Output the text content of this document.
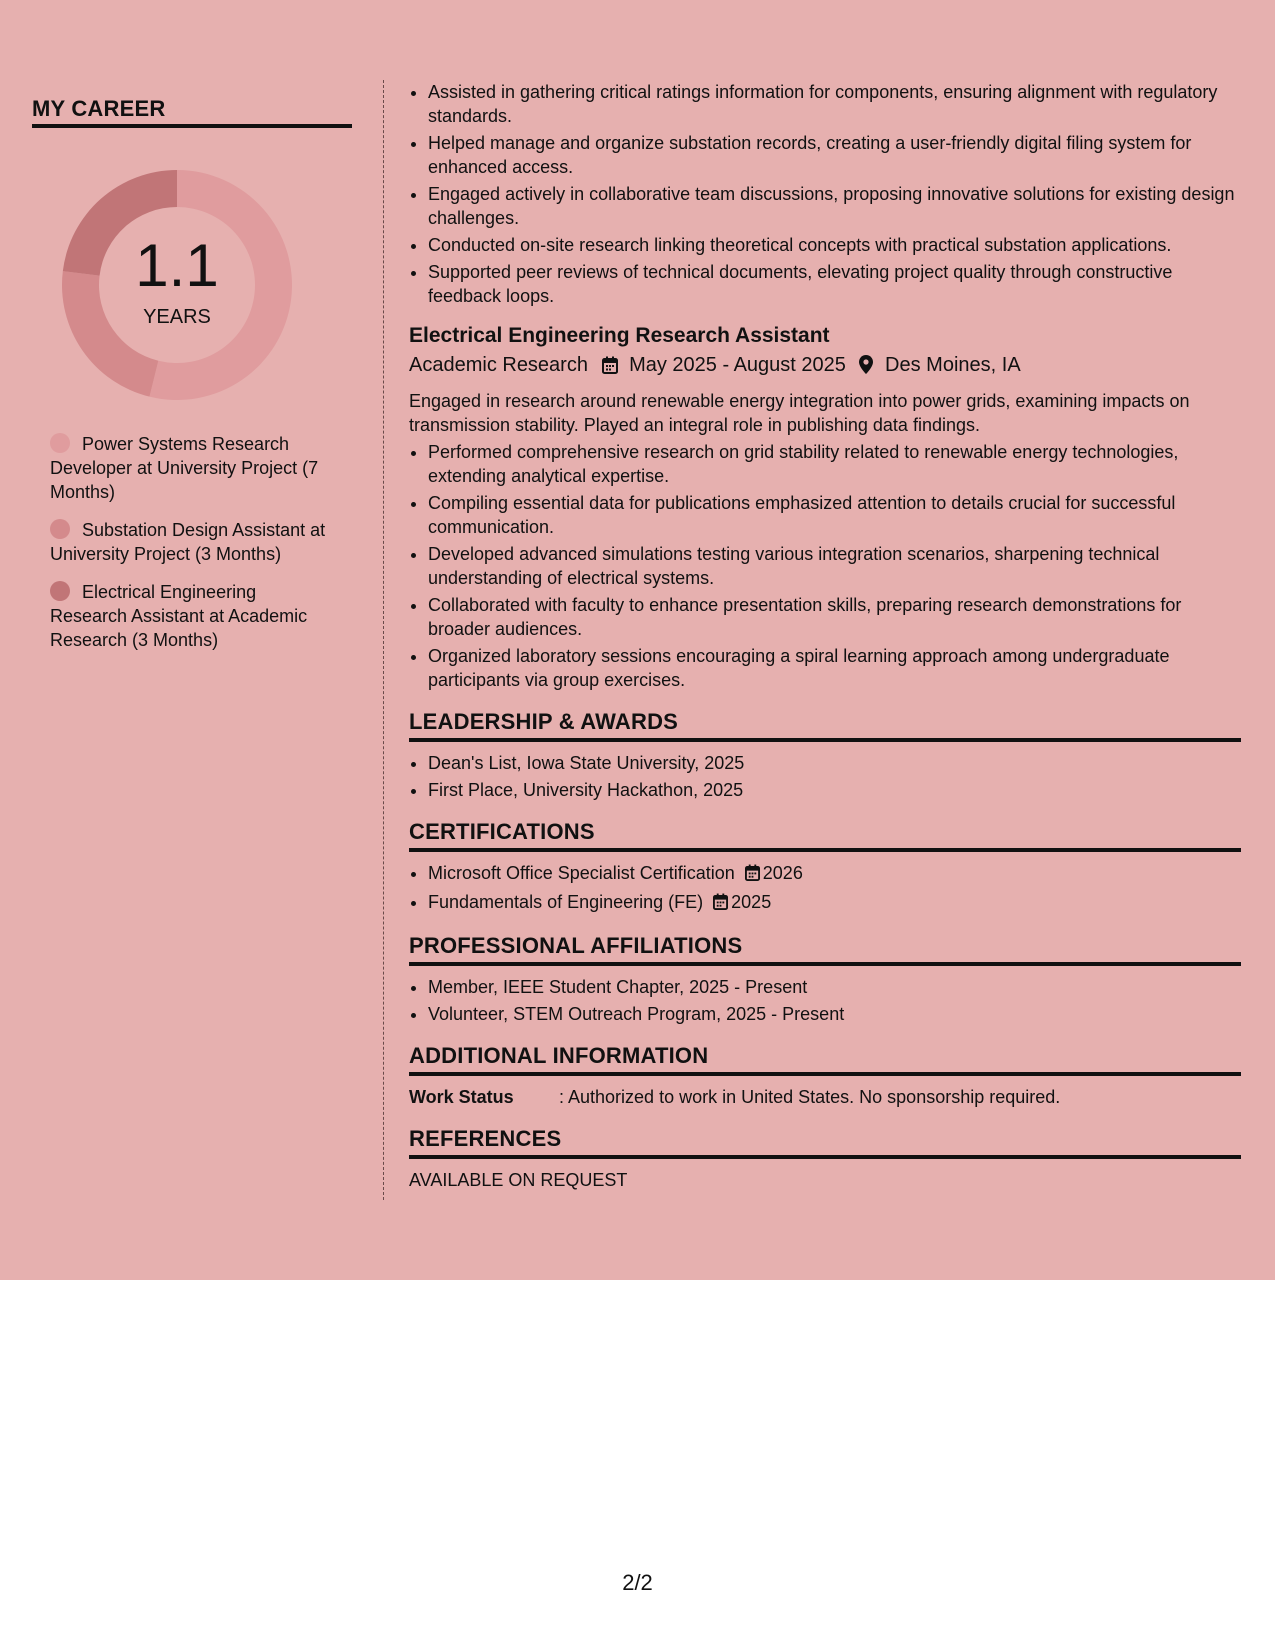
MY CAREER
1.1
YEARS
Power Systems Research Developer at University Project (7 Months)
Substation Design Assistant at University Project (3 Months)
Electrical Engineering Research Assistant at Academic Research (3 Months)
• Assisted in gathering critical ratings information for components, ensuring alignment with regulatory standards.
• Helped manage and organize substation records, creating a user-friendly digital filing system for enhanced access.
• Engaged actively in collaborative team discussions, proposing innovative solutions for existing design challenges.
• Conducted on-site research linking theoretical concepts with practical substation applications.
• Supported peer reviews of technical documents, elevating project quality through constructive feedback loops.
Electrical Engineering Research Assistant
Academic Research May 2025 - August 2025 Des Moines, IA
Engaged in research around renewable energy integration into power grids, examining impacts on transmission stability. Played an integral role in publishing data findings.
• Performed comprehensive research on grid stability related to renewable energy technologies, extending analytical expertise.
• Compiling essential data for publications emphasized attention to details crucial for successful communication.
• Developed advanced simulations testing various integration scenarios, sharpening technical understanding of electrical systems.
• Collaborated with faculty to enhance presentation skills, preparing research demonstrations for broader audiences.
• Organized laboratory sessions encouraging a spiral learning approach among undergraduate participants via group exercises.
LEADERSHIP & AWARDS
• Dean's List, Iowa State University, 2025
• First Place, University Hackathon, 2025
CERTIFICATIONS
• Microsoft Office Specialist Certification 2026
• Fundamentals of Engineering (FE) 2025
PROFESSIONAL AFFILIATIONS
• Member, IEEE Student Chapter, 2025 - Present
• Volunteer, STEM Outreach Program, 2025 - Present
ADDITIONAL INFORMATION
Work Status	: Authorized to work in United States. No sponsorship required.
REFERENCES
AVAILABLE ON REQUEST
2/2
